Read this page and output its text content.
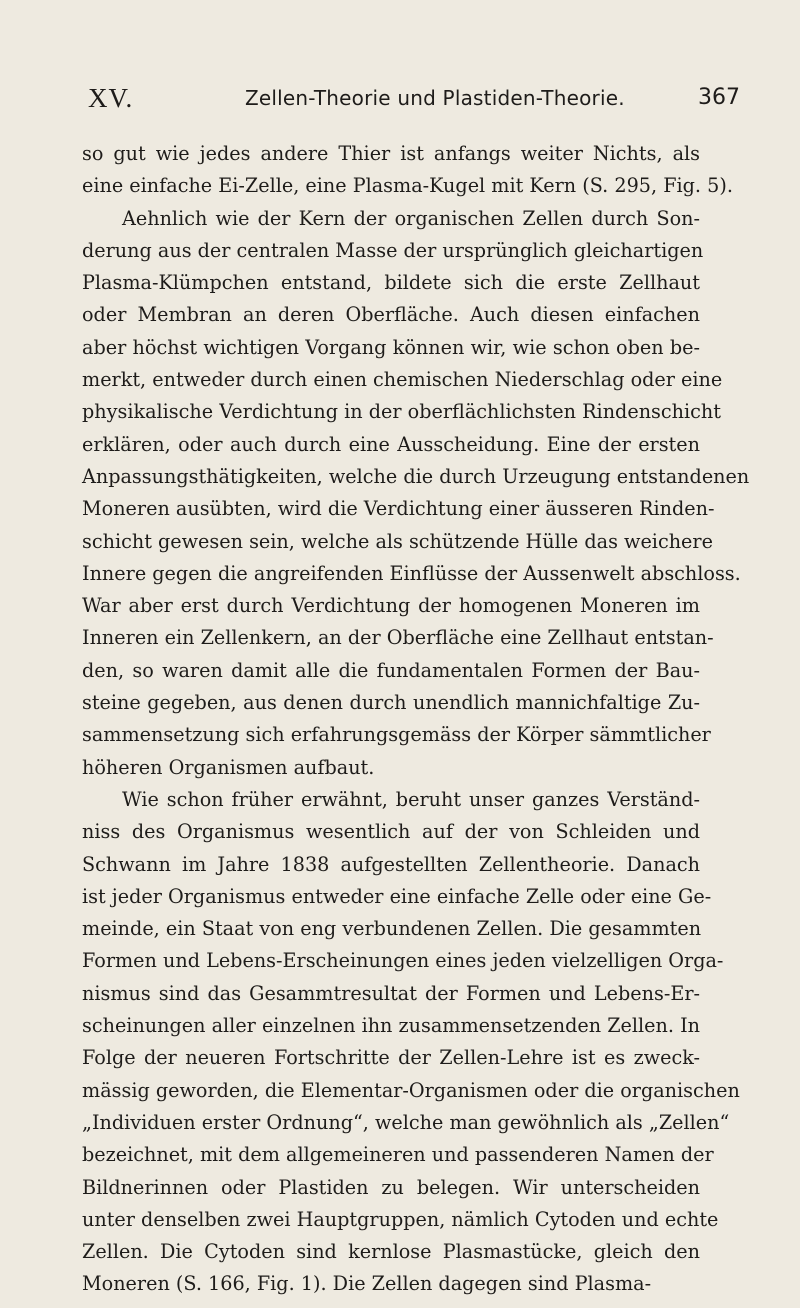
XV.	Zellen-Theorie und Plastiden-Theorie.	367
so gut wie jedes andere Thier ist anfangs weiter Nichts, als
eine einfache Ei-Zelle, eine Plasma-Kugel mit Kern (S. 295, Fig. 5).
Aehnlich wie der Kern der organischen Zellen durch Son-
derung aus der centralen Masse der ursprünglich gleichartigen
Plasma-Klümpchen entstand, bildete sich die erste Zellhaut
oder Membran an deren Oberfläche. Auch diesen einfachen
aber höchst wichtigen Vorgang können wir, wie schon oben be-
merkt, entweder durch einen chemischen Niederschlag oder eine
physikalische Verdichtung in der oberflächlichsten Rindenschicht
erklären, oder auch durch eine Ausscheidung. Eine der ersten
Anpassungsthätigkeiten, welche die durch Urzeugung entstandenen
Moneren ausübten, wird die Verdichtung einer äusseren Rinden-
schicht gewesen sein, welche als schützende Hülle das weichere
Innere gegen die angreifenden Einflüsse der Aussenwelt abschloss.
War aber erst durch Verdichtung der homogenen Moneren im
Inneren ein Zellenkern, an der Oberfläche eine Zellhaut entstan-
den, so waren damit alle die fundamentalen Formen der Bau-
steine gegeben, aus denen durch unendlich mannichfaltige Zu-
sammensetzung sich erfahrungsgemäss der Körper sämmtlicher
höheren Organismen aufbaut.
Wie schon früher erwähnt, beruht unser ganzes Verständ-
niss des Organismus wesentlich auf der von Schleiden und
Schwann im Jahre 1838 aufgestellten Zellentheorie. Danach
ist jeder Organismus entweder eine einfache Zelle oder eine Ge-
meinde, ein Staat von eng verbundenen Zellen. Die gesammten
Formen und Lebens-Erscheinungen eines jeden vielzelligen Orga-
nismus sind das Gesammtresultat der Formen und Lebens-Er-
scheinungen aller einzelnen ihn zusammensetzenden Zellen. In
Folge der neueren Fortschritte der Zellen-Lehre ist es zweck-
mässig geworden, die Elementar-Organismen oder die organischen
„Individuen erster Ordnung“, welche man gewöhnlich als „Zellen“
bezeichnet, mit dem allgemeineren und passenderen Namen der
Bildnerinnen oder Plastiden zu belegen. Wir unterscheiden
unter denselben zwei Hauptgruppen, nämlich Cytoden und echte
Zellen. Die Cytoden sind kernlose Plasmastücke, gleich den
Moneren (S. 166, Fig. 1). Die Zellen dagegen sind Plasma-
